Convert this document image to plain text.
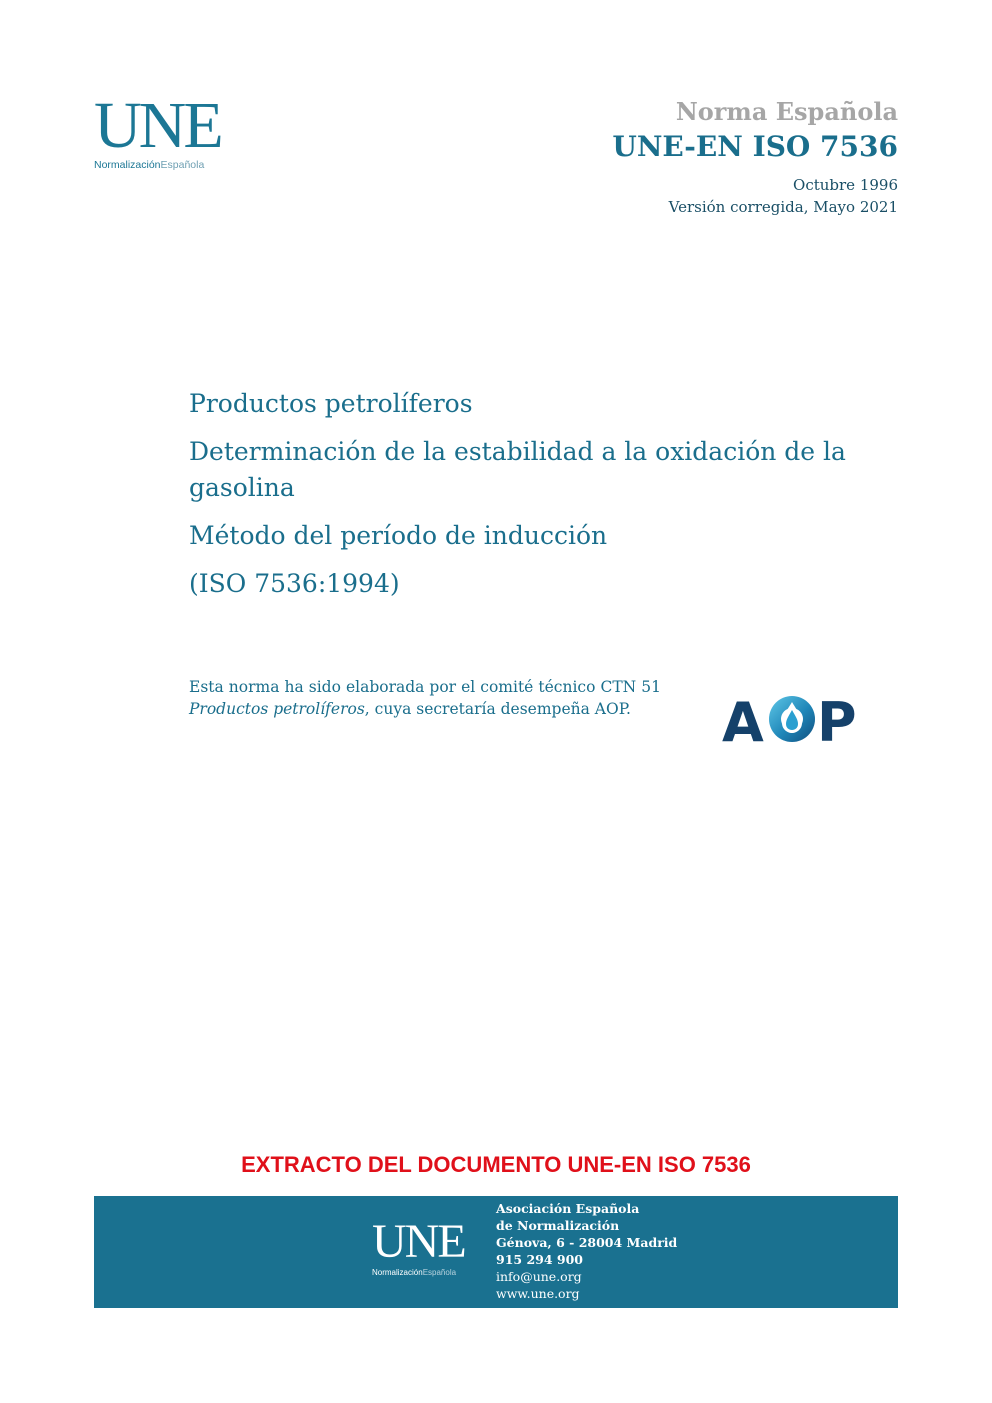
UNE
NormalizaciónEspañola
Norma Española
UNE-EN ISO 7536
Octubre 1996
Versión corregida, Mayo 2021
Productos petrolíferos
Determinación de la estabilidad a la oxidación de la gasolina
Método del período de inducción
(ISO 7536:1994)
Esta norma ha sido elaborada por el comité técnico CTN 51 Productos petrolíferos, cuya secretaría desempeña AOP.	A P
EXTRACTO DEL DOCUMENTO UNE-EN ISO 7536
UNE
NormalizaciónEspañola
Asociación Española
de Normalización
Génova, 6 - 28004 Madrid
915 294 900
info@une.org
www.une.org
